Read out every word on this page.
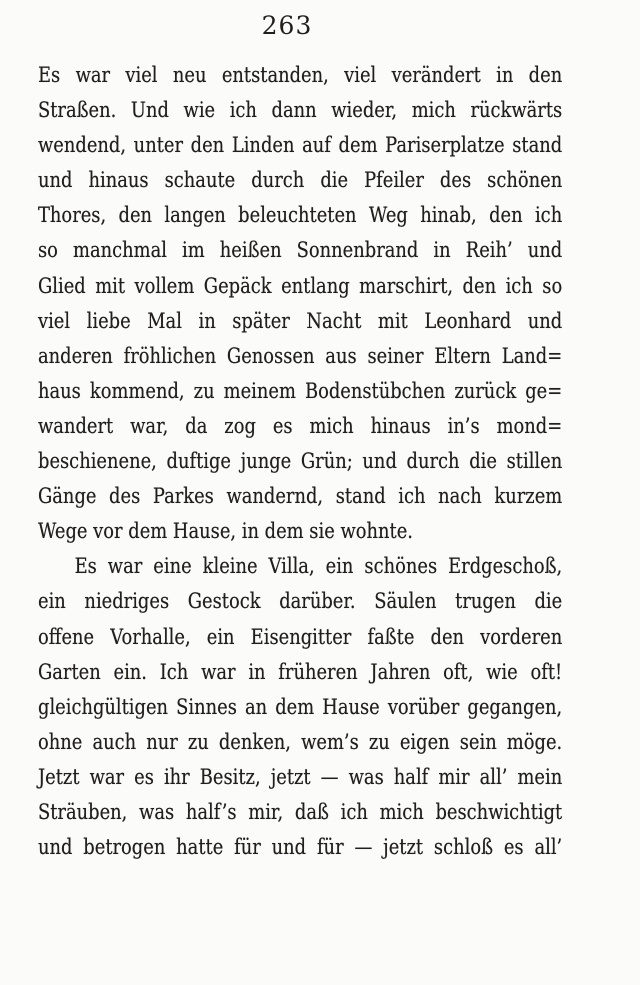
263
Es war viel neu entstanden, viel verändert in den
Straßen. Und wie ich dann wieder, mich rückwärts
wendend, unter den Linden auf dem Pariserplatze stand
und hinaus schaute durch die Pfeiler des schönen
Thores, den langen beleuchteten Weg hinab, den ich
so manchmal im heißen Sonnenbrand in Reih’ und
Glied mit vollem Gepäck entlang marschirt, den ich so
viel liebe Mal in später Nacht mit Leonhard und
anderen fröhlichen Genossen aus seiner Eltern Land=
haus kommend, zu meinem Bodenstübchen zurück ge=
wandert war, da zog es mich hinaus in’s mond=
beschienene, duftige junge Grün; und durch die stillen
Gänge des Parkes wandernd, stand ich nach kurzem
Wege vor dem Hause, in dem sie wohnte.
Es war eine kleine Villa, ein schönes Erdgeschoß,
ein niedriges Gestock darüber. Säulen trugen die
offene Vorhalle, ein Eisengitter faßte den vorderen
Garten ein. Ich war in früheren Jahren oft, wie oft!
gleichgültigen Sinnes an dem Hause vorüber gegangen,
ohne auch nur zu denken, wem’s zu eigen sein möge.
Jetzt war es ihr Besitz, jetzt — was half mir all’ mein
Sträuben, was half’s mir, daß ich mich beschwichtigt
und betrogen hatte für und für — jetzt schloß es all’
